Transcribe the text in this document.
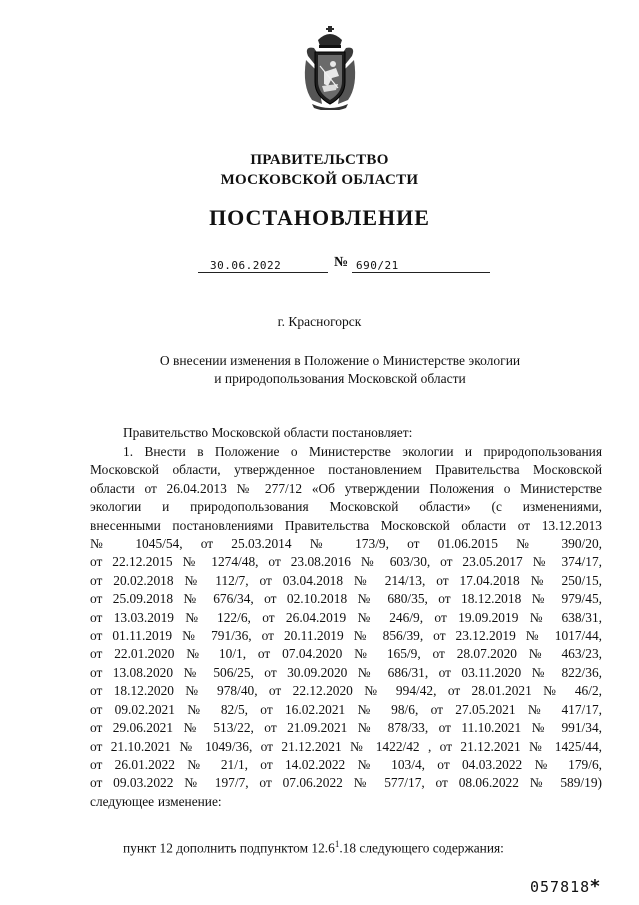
ПРАВИТЕЛЬСТВО
МОСКОВСКОЙ ОБЛАСТИ
ПОСТАНОВЛЕНИЕ
30.06.2022	№ 690/21
г. Красногорск
О внесении изменения в Положение о Министерстве экологии
и природопользования Московской области
Правительство Московской области постановляет:
1. Внести в Положение о Министерстве экологии и природопользования
Московской области, утвержденное постановлением Правительства Московской
области от 26.04.2013 № 277/12 «Об утверждении Положения о Министерстве
экологии и природопользования Московской области» (с изменениями,
внесенными постановлениями Правительства Московской области от 13.12.2013
№ 1045/54, от 25.03.2014 № 173/9, от 01.06.2015 № 390/20,
от 22.12.2015 № 1274/48, от 23.08.2016 № 603/30, от 23.05.2017 № 374/17,
от 20.02.2018 № 112/7, от 03.04.2018 № 214/13, от 17.04.2018 № 250/15,
от 25.09.2018 № 676/34, от 02.10.2018 № 680/35, от 18.12.2018 № 979/45,
от 13.03.2019 № 122/6, от 26.04.2019 № 246/9, от 19.09.2019 № 638/31,
от 01.11.2019 № 791/36, от 20.11.2019 № 856/39, от 23.12.2019 № 1017/44,
от 22.01.2020 № 10/1, от 07.04.2020 № 165/9, от 28.07.2020 № 463/23,
от 13.08.2020 № 506/25, от 30.09.2020 № 686/31, от 03.11.2020 № 822/36,
от 18.12.2020 № 978/40, от 22.12.2020 № 994/42, от 28.01.2021 № 46/2,
от 09.02.2021 № 82/5, от 16.02.2021 № 98/6, от 27.05.2021 № 417/17,
от 29.06.2021 № 513/22, от 21.09.2021 № 878/33, от 11.10.2021 № 991/34,
от 21.10.2021 № 1049/36, от 21.12.2021 № 1422/42 , от 21.12.2021 № 1425/44,
от 26.01.2022 № 21/1, от 14.02.2022 № 103/4, от 04.03.2022 № 179/6,
от 09.03.2022 № 197/7, от 07.06.2022 № 577/17, от 08.06.2022 № 589/19)
следующее изменение:
пункт 12 дополнить подпунктом 12.6$^1$.18 следующего содержания:
057818*
